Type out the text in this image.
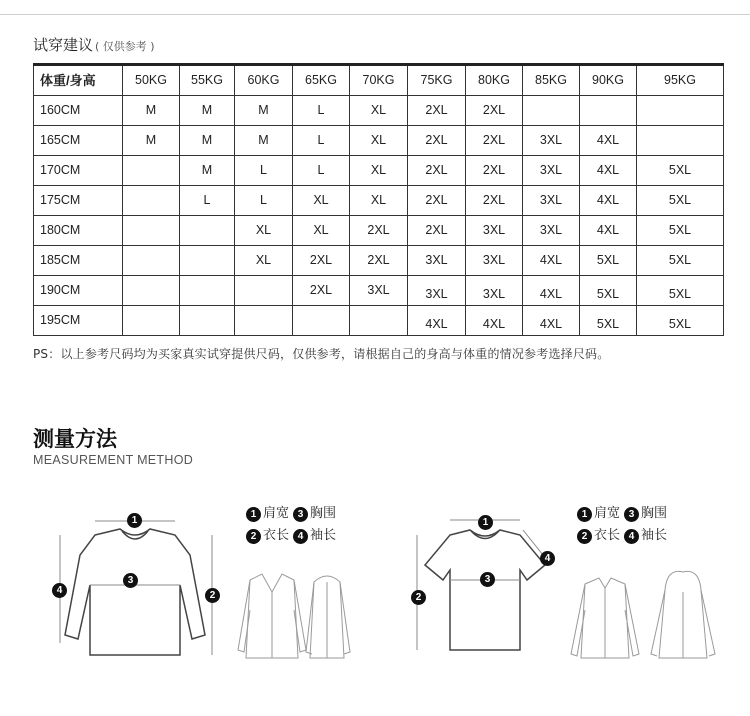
试穿建议 ( 仅供参考 )
体重/身高	50KG	55KG	60KG	65KG	70KG	75KG	80KG	85KG	90KG	95KG
160CM	M	M	M	L	XL	2XL	2XL			
165CM	M	M	M	L	XL	2XL	2XL	3XL	4XL	
170CM		M	L	L	XL	2XL	2XL	3XL	4XL	5XL
175CM		L	L	XL	XL	2XL	2XL	3XL	4XL	5XL
180CM			XL	XL	2XL	2XL	3XL	3XL	4XL	5XL
185CM			XL	2XL	2XL	3XL	3XL	4XL	5XL	5XL
190CM				2XL	3XL	3XL	3XL	4XL	5XL	5XL
195CM						4XL	4XL	4XL	5XL	5XL
PS：以上参考尺码均为买家真实试穿提供尺码，仅供参考，请根据自己的身高与体重的情况参考选择尺码。
测量方法
MEASUREMENT METHOD
1
3
4	2
1 肩宽 3 胸围
2 衣长 4 袖长
1
3
4
2
1 肩宽 3 胸围
2 衣长 4 袖长
